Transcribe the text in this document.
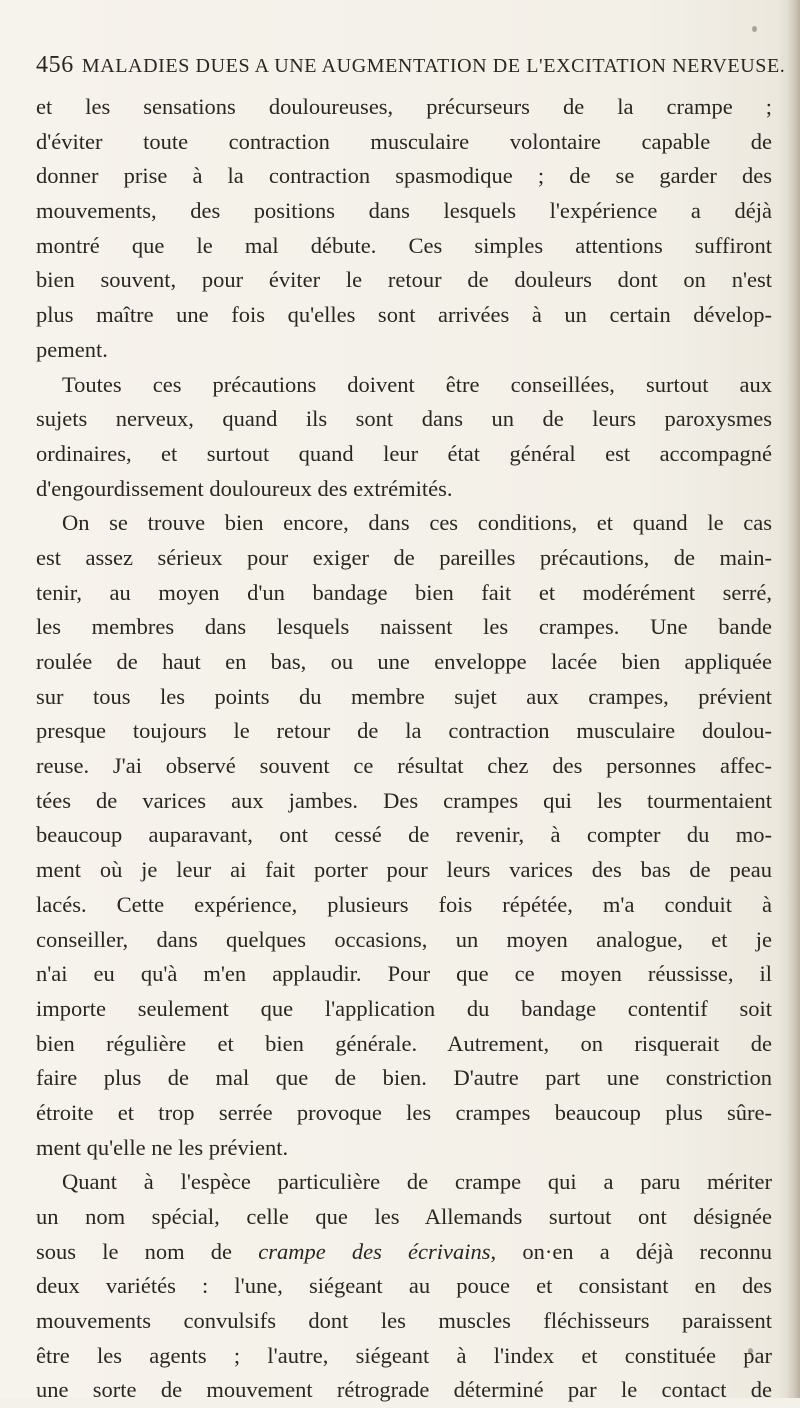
456 MALADIES DUES A UNE AUGMENTATION DE L'EXCITATION NERVEUSE.
et les sensations douloureuses, précurseurs de la crampe ;
d'éviter toute contraction musculaire volontaire capable de
donner prise à la contraction spasmodique ; de se garder des
mouvements, des positions dans lesquels l'expérience a déjà
montré que le mal débute. Ces simples attentions suffiront
bien souvent, pour éviter le retour de douleurs dont on n'est
plus maître une fois qu'elles sont arrivées à un certain dévelop-
pement.
Toutes ces précautions doivent être conseillées, surtout aux
sujets nerveux, quand ils sont dans un de leurs paroxysmes
ordinaires, et surtout quand leur état général est accompagné
d'engourdissement douloureux des extrémités.
On se trouve bien encore, dans ces conditions, et quand le cas
est assez sérieux pour exiger de pareilles précautions, de main-
tenir, au moyen d'un bandage bien fait et modérément serré,
les membres dans lesquels naissent les crampes. Une bande
roulée de haut en bas, ou une enveloppe lacée bien appliquée
sur tous les points du membre sujet aux crampes, prévient
presque toujours le retour de la contraction musculaire doulou-
reuse. J'ai observé souvent ce résultat chez des personnes affec-
tées de varices aux jambes. Des crampes qui les tourmentaient
beaucoup auparavant, ont cessé de revenir, à compter du mo-
ment où je leur ai fait porter pour leurs varices des bas de peau
lacés. Cette expérience, plusieurs fois répétée, m'a conduit à
conseiller, dans quelques occasions, un moyen analogue, et je
n'ai eu qu'à m'en applaudir. Pour que ce moyen réussisse, il
importe seulement que l'application du bandage contentif soit
bien régulière et bien générale. Autrement, on risquerait de
faire plus de mal que de bien. D'autre part une constriction
étroite et trop serrée provoque les crampes beaucoup plus sûre-
ment qu'elle ne les prévient.
Quant à l'espèce particulière de crampe qui a paru mériter
un nom spécial, celle que les Allemands surtout ont désignée
sous le nom de crampe des écrivains, on·en a déjà reconnu
deux variétés : l'une, siégeant au pouce et consistant en des
mouvements convulsifs dont les muscles fléchisseurs paraissent
être les agents ; l'autre, siégeant à l'index et constituée par
une sorte de mouvement rétrograde déterminé par le contact de
